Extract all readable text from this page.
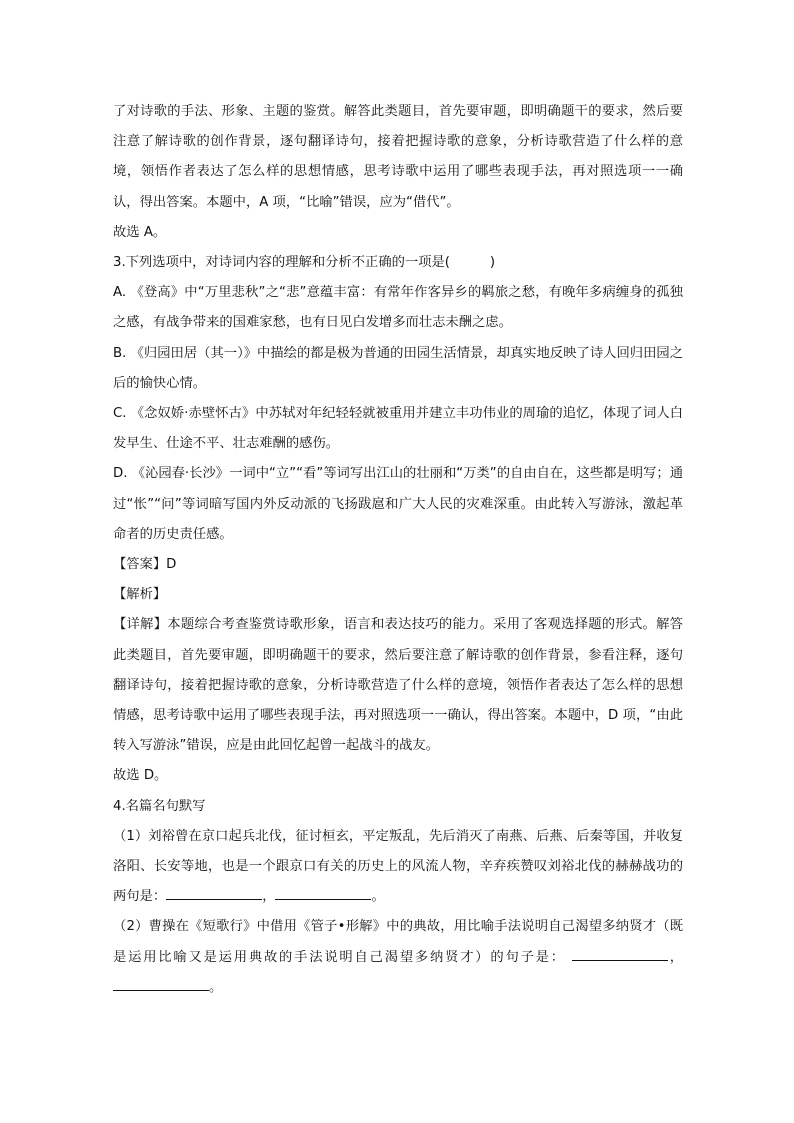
了对诗歌的手法、形象、主题的鉴赏。解答此类题目，首先要审题，即明确题干的要求，然后要注意了解诗歌的创作背景，逐句翻译诗句，接着把握诗歌的意象，分析诗歌营造了什么样的意境，领悟作者表达了怎么样的思想情感，思考诗歌中运用了哪些表现手法，再对照选项一一确认，得出答案。本题中，A 项，“比喻”错误，应为“借代”。

故选 A。

3.下列选项中，对诗词内容的理解和分析不正确的一项是(　　　)

A. 《登高》中“万里悲秋”之“悲”意蕴丰富：有常年作客异乡的羁旅之愁，有晚年多病缠身的孤独之感，有战争带来的国难家愁，也有日见白发增多而壮志未酬之虑。

B. 《归园田居（其一）》中描绘的都是极为普通的田园生活情景，却真实地反映了诗人回归田园之后的愉快心情。

C. 《念奴娇·赤壁怀古》中苏轼对年纪轻轻就被重用并建立丰功伟业的周瑜的追忆，体现了词人白发早生、仕途不平、壮志难酬的感伤。

D. 《沁园春·长沙》一词中“立”“看”等词写出江山的壮丽和“万类”的自由自在，这些都是明写；通过“怅”“问”等词暗写国内外反动派的飞扬跋扈和广大人民的灾难深重。由此转入写游泳，激起革命者的历史责任感。

【答案】D

【解析】

【详解】本题综合考查鉴赏诗歌形象，语言和表达技巧的能力。采用了客观选择题的形式。解答此类题目，首先要审题，即明确题干的要求，然后要注意了解诗歌的创作背景，参看注释，逐句翻译诗句，接着把握诗歌的意象，分析诗歌营造了什么样的意境，领悟作者表达了怎么样的思想情感，思考诗歌中运用了哪些表现手法，再对照选项一一确认，得出答案。本题中，D 项，“由此转入写游泳”错误，应是由此回忆起曾一起战斗的战友。

故选 D。

4.名篇名句默写

（1）刘裕曾在京口起兵北伐，征讨桓玄，平定叛乱，先后消灭了南燕、后燕、后秦等国，并收复洛阳、长安等地，也是一个跟京口有关的历史上的风流人物，辛弃疾赞叹刘裕北伐的赫赫战功的两句是：	，	。

（2）曹操在《短歌行》中借用《管子•形解》中的典故，用比喻手法说明自己渴望多纳贤才（既是运用比喻又是运用典故的手法说明自己渴望多纳贤才）的句子是：	，。
